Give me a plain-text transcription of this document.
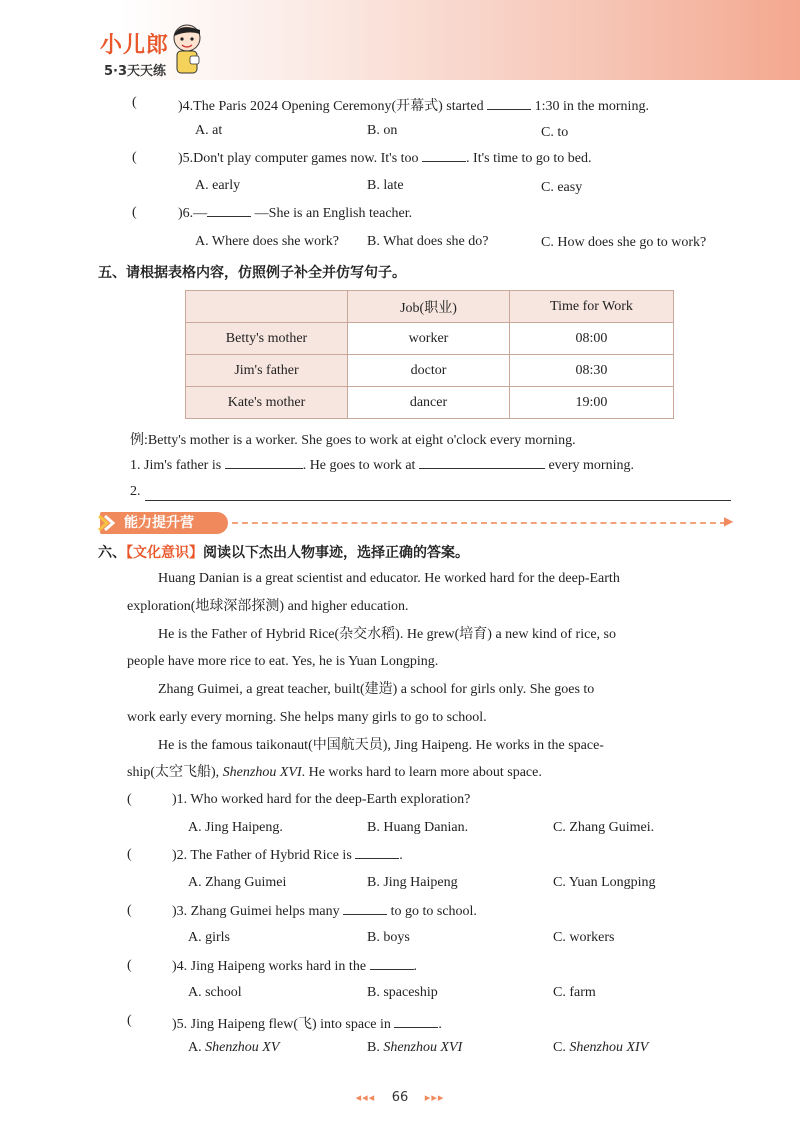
小儿郎
5·3天天练
(	)4.The Paris 2024 Opening Ceremony(开幕式) started	1:30 in the morning.
A. at	B. on	C. to
(	)5.Don't play computer games now. It's too	. It's time to go to bed.
A. early	B. late	C. easy
(	)6.—	—She is an English teacher.
A. Where does she work? B. What does she do?	C. How does she go to work?
五、请根据表格内容，仿照例子补全并仿写句子。
	Job(职业)	Time for Work
Betty's mother	worker	08:00
Jim's father	doctor	08:30
Kate's mother	dancer	19:00
例:Betty's mother is a worker. She goes to work at eight o'clock every morning.
1. Jim's father is	. He goes to work at	every morning.
2.
能力提升营	▶
六、【文化意识】阅读以下杰出人物事迹，选择正确的答案。
Huang Danian is a great scientist and educator. He worked hard for the deep-Earth
exploration(地球深部探测) and higher education.
He is the Father of Hybrid Rice(杂交水稻). He grew(培育) a new kind of rice, so
people have more rice to eat. Yes, he is Yuan Longping.
Zhang Guimei, a great teacher, built(建造) a school for girls only. She goes to
work early every morning. She helps many girls to go to school.
He is the famous taikonaut(中国航天员), Jing Haipeng. He works in the space-
ship(太空飞船), Shenzhou XVI. He works hard to learn more about space.
(	)1. Who worked hard for the deep-Earth exploration?
A. Jing Haipeng.	B. Huang Danian.	C. Zhang Guimei.
(	)2. The Father of Hybrid Rice is	.
A. Zhang Guimei	B. Jing Haipeng	C. Yuan Longping
(	)3. Zhang Guimei helps many	to go to school.
A. girls	B. boys	C. workers
(	)4. Jing Haipeng works hard in the	.
A. school	B. spaceship	C. farm
(	)5. Jing Haipeng flew(飞) into space in	.
A. Shenzhou XV	B. Shenzhou XVI	C. Shenzhou XIV
◂◂◂ 66 ▸▸▸
